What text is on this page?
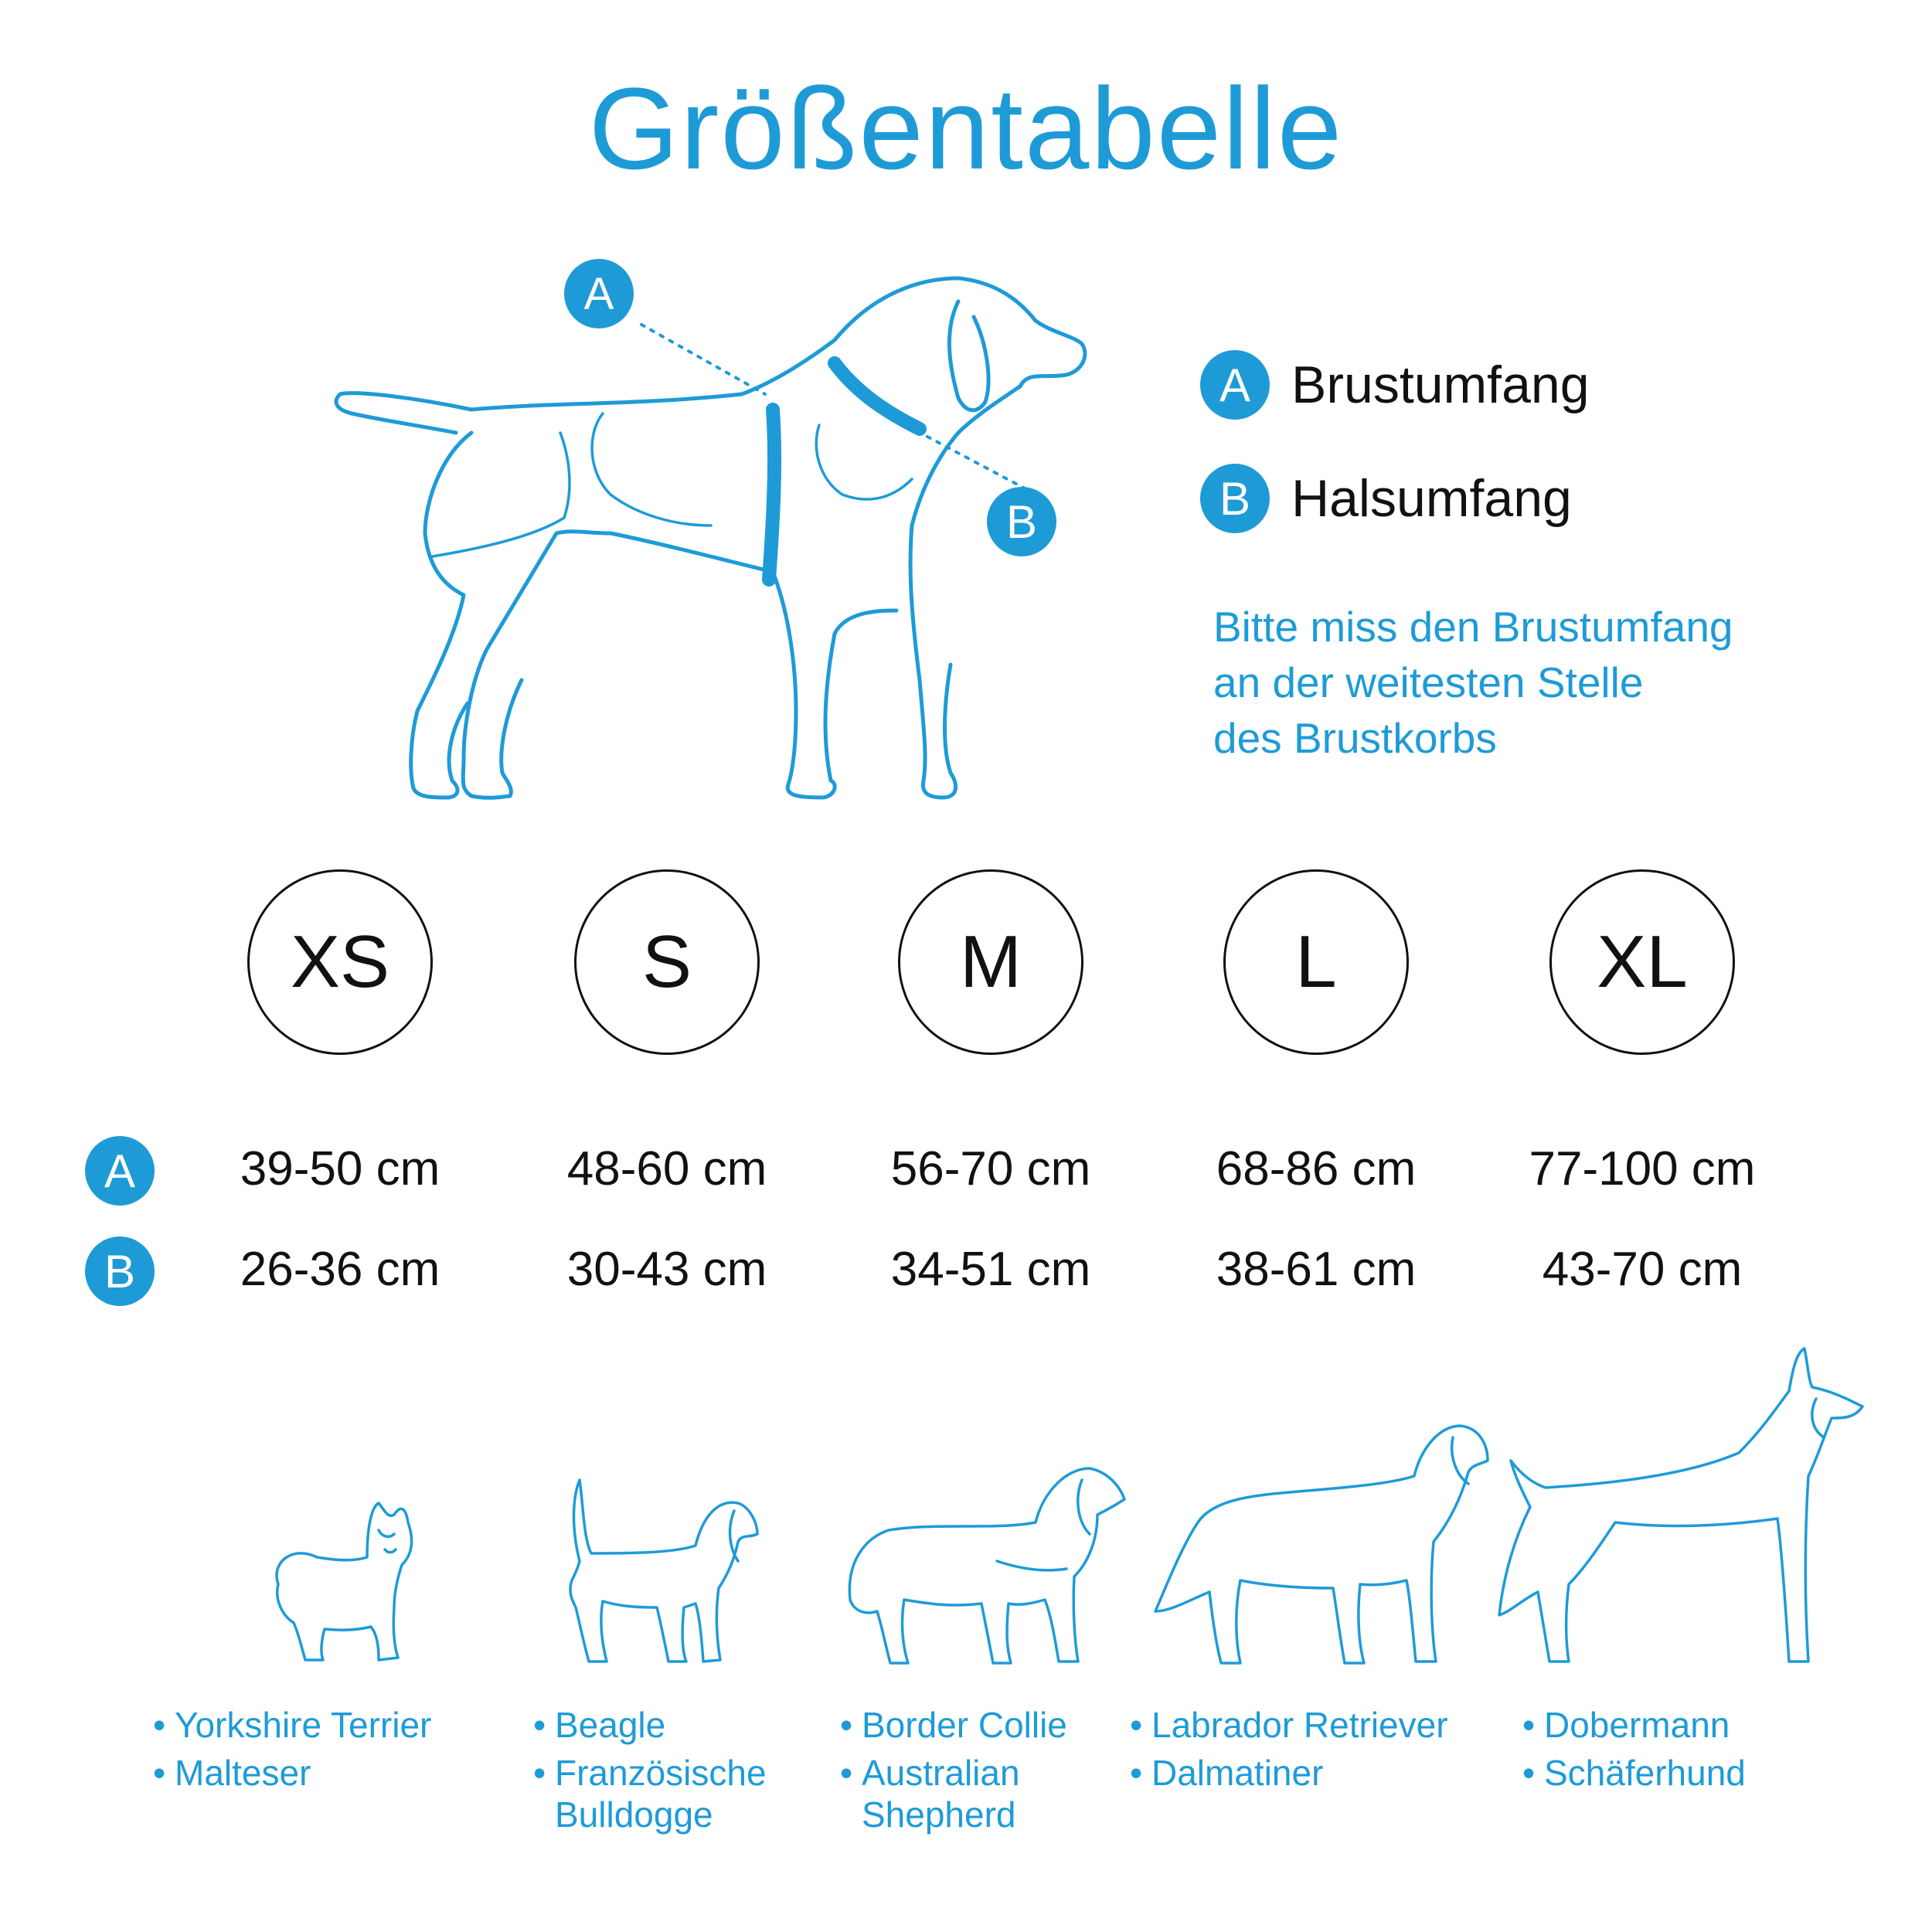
Größentabelle
A
B
A Brustumfang
B Halsumfang
Bitte miss den Brustumfang
an der weitesten Stelle
des Brustkorbs
XS	S	M	L	XL
A	39-50 cm	48-60 cm	56-70 cm	68-86 cm	77-100 cm
B	26-36 cm	30-43 cm	34-51 cm	38-61 cm	43-70 cm
• Yorkshire Terrier
• Malteser
• Beagle
• Französische Bulldogge
• Border Collie
• Australian Shepherd
• Labrador Retriever
• Dalmatiner
• Dobermann
• Schäferhund
